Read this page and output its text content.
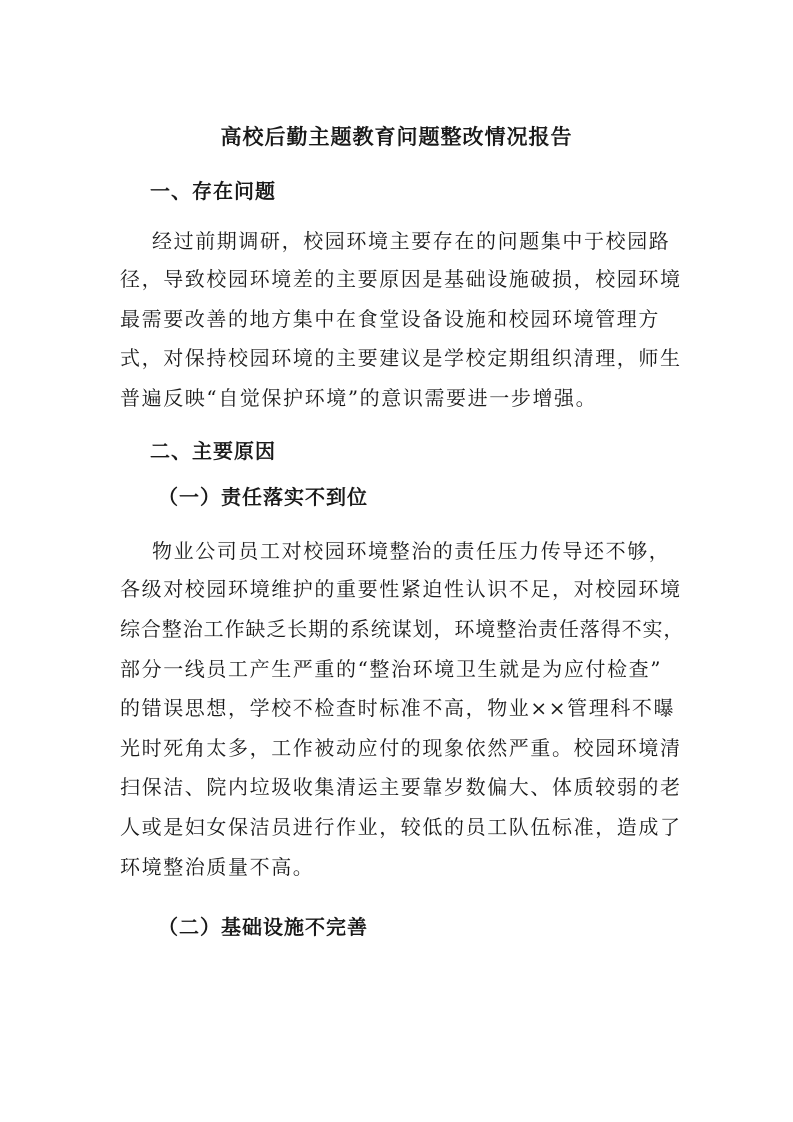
高校后勤主题教育问题整改情况报告
一、存在问题
经过前期调研，校园环境主要存在的问题集中于校园路
径，导致校园环境差的主要原因是基础设施破损，校园环境
最需要改善的地方集中在食堂设备设施和校园环境管理方
式，对保持校园环境的主要建议是学校定期组织清理，师生
普遍反映“自觉保护环境”的意识需要进一步增强。
二、主要原因
（一）责任落实不到位
物业公司员工对校园环境整治的责任压力传导还不够，
各级对校园环境维护的重要性紧迫性认识不足，对校园环境
综合整治工作缺乏长期的系统谋划，环境整治责任落得不实，
部分一线员工产生严重的“整治环境卫生就是为应付检查”
的错误思想，学校不检查时标准不高，物业××管理科不曝
光时死角太多，工作被动应付的现象依然严重。校园环境清
扫保洁、院内垃圾收集清运主要靠岁数偏大、体质较弱的老
人或是妇女保洁员进行作业，较低的员工队伍标准，造成了
环境整治质量不高。
（二）基础设施不完善
